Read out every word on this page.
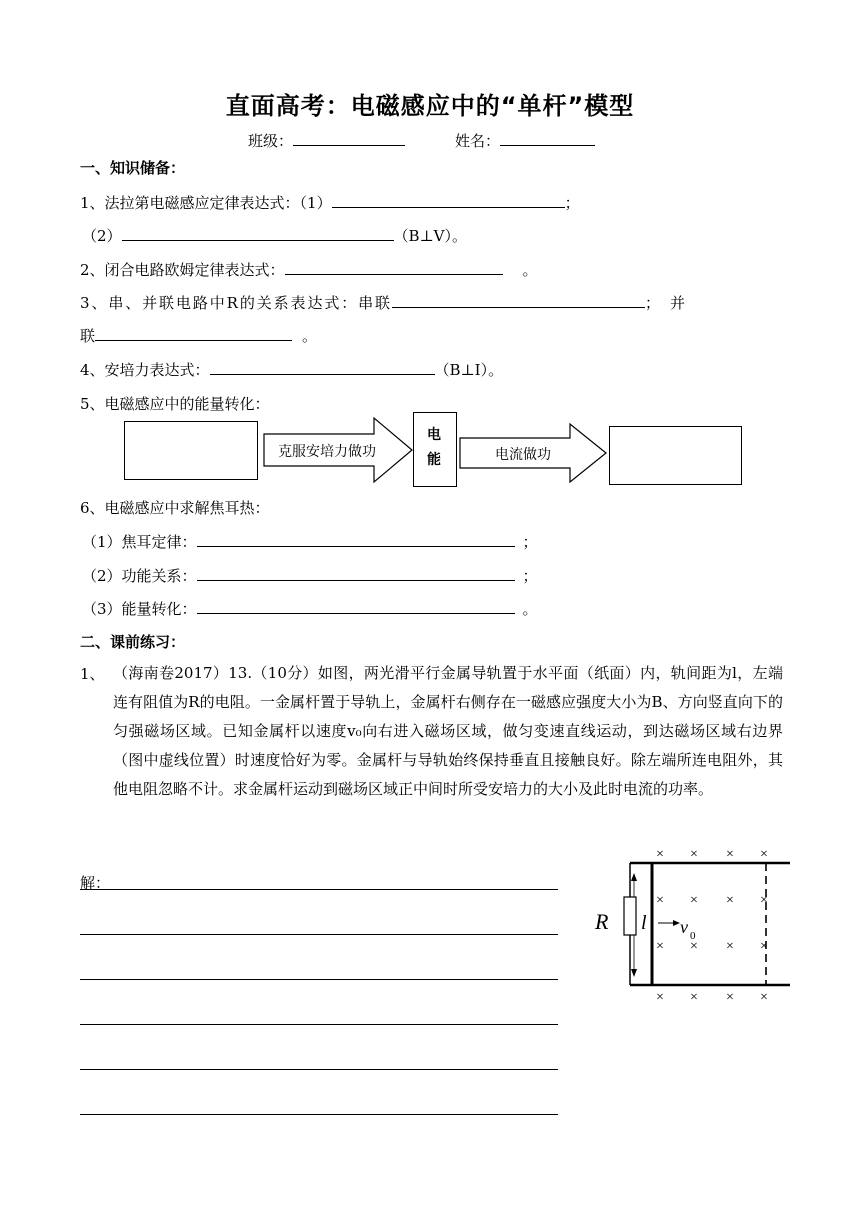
直面高考：电磁感应中的“单杆”模型
班级：	姓名：
一、知识储备：
1、法拉第电磁感应定律表达式：（1）	；
（2）	（B⊥V）。
2、闭合电路欧姆定律表达式：	。
3、串、并联电路中R的关系表达式：串联	；并
联	。
4、安培力表达式：	（B⊥I）。
5、电磁感应中的能量转化：
克服安培力做功
电
能	电流做功
6、电磁感应中求解焦耳热：
（1）焦耳定律：	；
（2）功能关系：	；
（3）能量转化：	。
二、课前练习：
1、 （海南卷2017）13.（10分）如图，两光滑平行金属导轨置于水平面（纸面）内，轨间距为l，左端连有阻值为R的电阻。一金属杆置于导轨上，金属杆右侧存在一磁感应强度大小为B、方向竖直向下的匀强磁场区域。已知金属杆以速度v₀向右进入磁场区域，做匀变速直线运动，到达磁场区域右边界（图中虚线位置）时速度恰好为零。金属杆与导轨始终保持垂直且接触良好。除左端所连电阻外，其他电阻忽略不计。求金属杆运动到磁场区域正中间时所受安培力的大小及此时电流的功率。
解：
R l v 0
× × × ×
× × ×
× × ×
× × × ×
×
×
